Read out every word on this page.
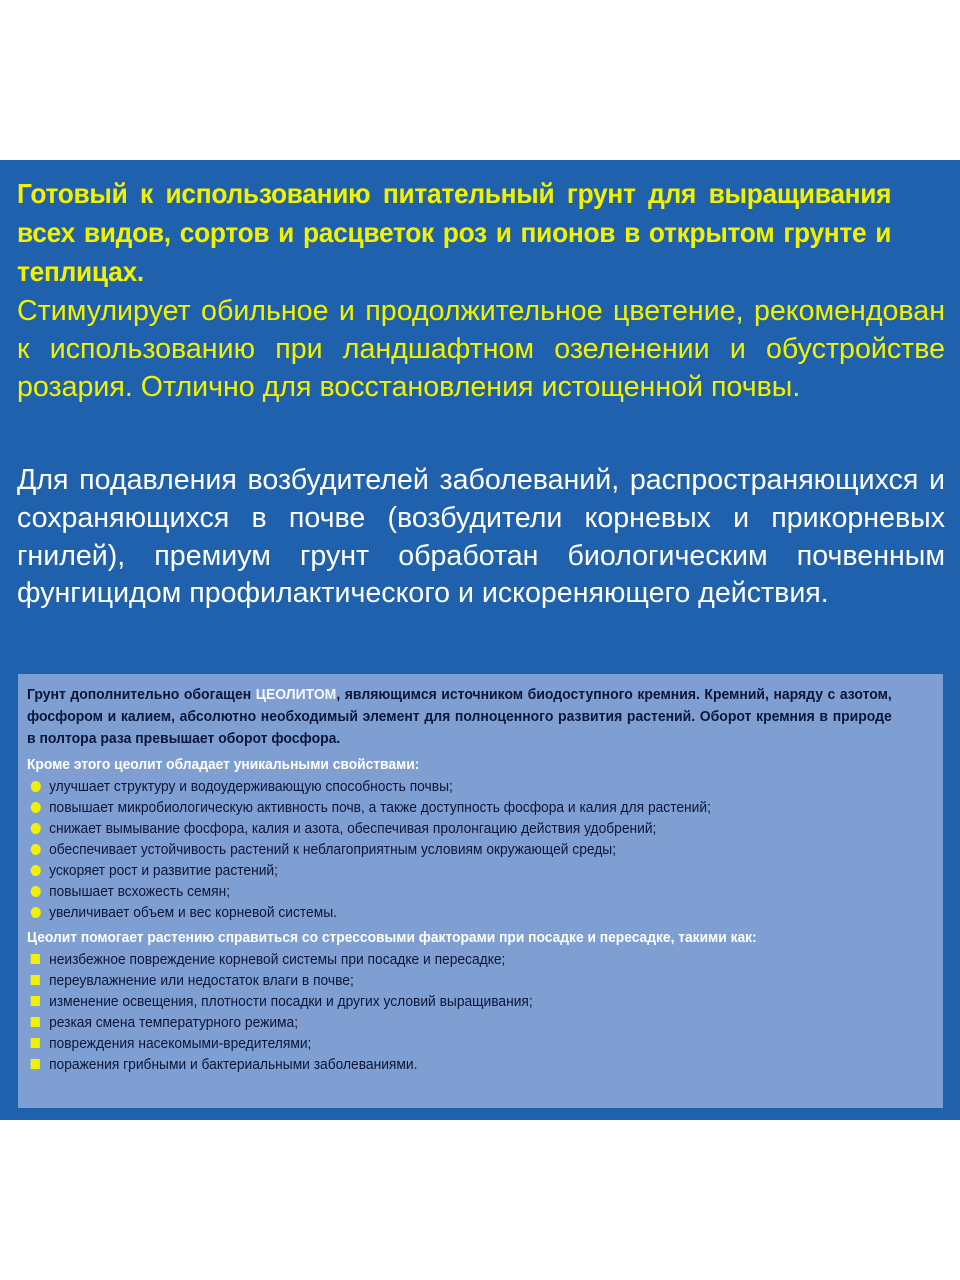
Готовый к использованию питательный грунт для выращивания всех видов, сортов и расцветок роз и пионов в открытом грунте и теплицах.
Стимулирует обильное и продолжительное цветение, рекомендован к использованию при ландшафтном озеленении и обустройстве розария. Отлично для восстановления истощенной почвы.
Для подавления возбудителей заболеваний, распространяющихся и сохраняющихся в почве (возбудители корневых и прикорневых гнилей), премиум грунт обработан биологическим почвенным фунгицидом профилактического и искореняющего действия.
Грунт дополнительно обогащен ЦЕОЛИТОМ, являющимся источником биодоступного кремния. Кремний, наряду с азотом, фосфором и калием, абсолютно необходимый элемент для полноценного развития растений. Оборот кремния в природе в полтора раза превышает оборот фосфора.
Кроме этого цеолит обладает уникальными свойствами:
улучшает структуру и водоудерживающую способность почвы;
повышает микробиологическую активность почв, а также доступность фосфора и калия для растений;
снижает вымывание фосфора, калия и азота, обеспечивая пролонгацию действия удобрений;
обеспечивает устойчивость растений к неблагоприятным условиям окружающей среды;
ускоряет рост и развитие растений;
повышает всхожесть семян;
увеличивает объем и вес корневой системы.
Цеолит помогает растению справиться со стрессовыми факторами при посадке и пересадке, такими как:
неизбежное повреждение корневой системы при посадке и пересадке;
переувлажнение или недостаток влаги в почве;
изменение освещения, плотности посадки и других условий выращивания;
резкая смена температурного режима;
повреждения насекомыми-вредителями;
поражения грибными и бактериальными заболеваниями.
